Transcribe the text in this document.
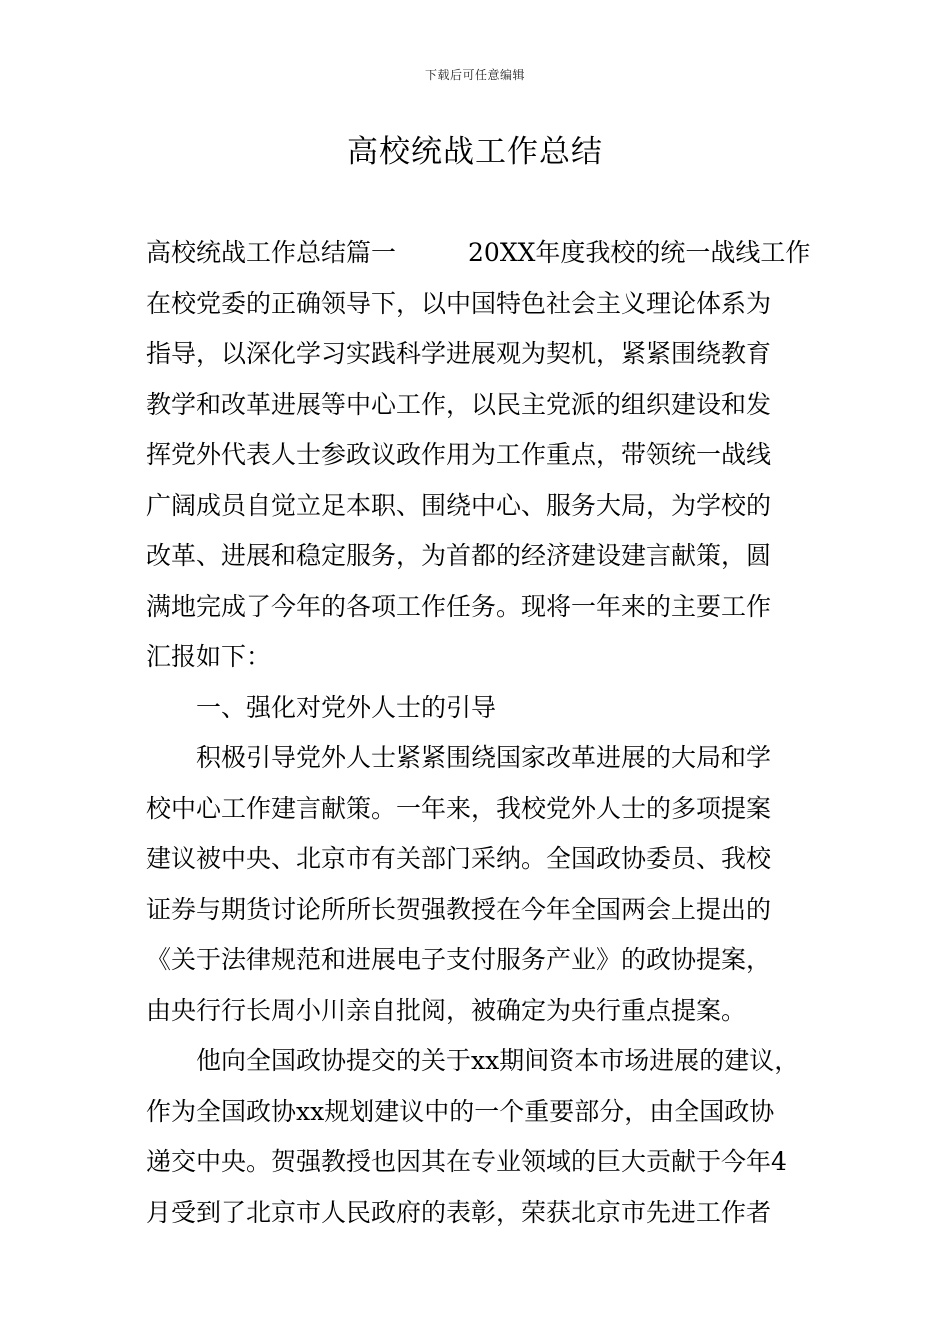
下载后可任意编辑
高校统战工作总结
高校统战工作总结篇一	20XX年度我校的统一战线工作
在校党委的正确领导下，以中国特色社会主义理论体系为
指导，以深化学习实践科学进展观为契机，紧紧围绕教育
教学和改革进展等中心工作，以民主党派的组织建设和发
挥党外代表人士参政议政作用为工作重点，带领统一战线
广阔成员自觉立足本职、围绕中心、服务大局，为学校的
改革、进展和稳定服务，为首都的经济建设建言献策，圆
满地完成了今年的各项工作任务。现将一年来的主要工作
汇报如下：
一、强化对党外人士的引导
积极引导党外人士紧紧围绕国家改革进展的大局和学
校中心工作建言献策。一年来，我校党外人士的多项提案
建议被中央、北京市有关部门采纳。全国政协委员、我校
证券与期货讨论所所长贺强教授在今年全国两会上提出的
《关于法律规范和进展电子支付服务产业》的政协提案，
由央行行长周小川亲自批阅，被确定为央行重点提案。
他向全国政协提交的关于xx期间资本市场进展的建议，
作为全国政协xx规划建议中的一个重要部分，由全国政协
递交中央。贺强教授也因其在专业领域的巨大贡献于今年4
月受到了北京市人民政府的表彰，荣获北京市先进工作者
